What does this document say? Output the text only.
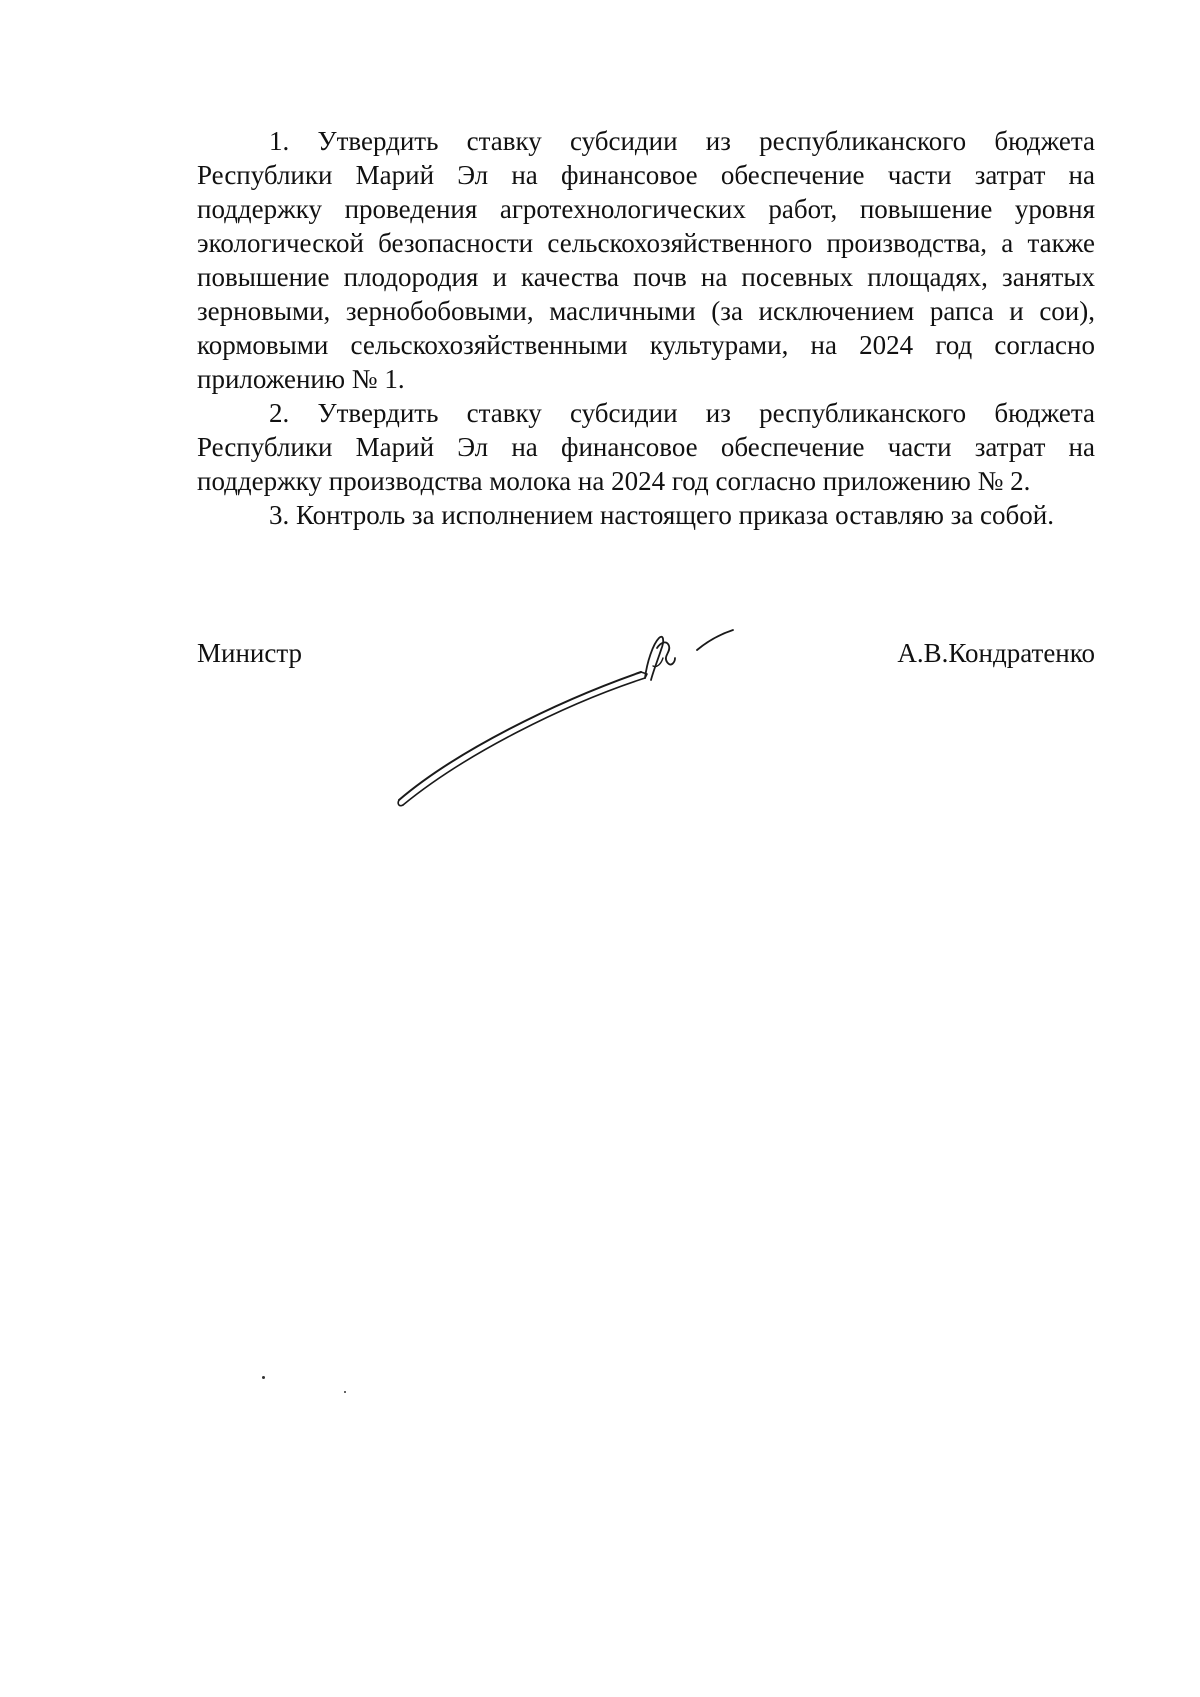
1. Утвердить ставку субсидии из республиканского бюджета Республики Марий Эл на финансовое обеспечение части затрат на поддержку проведения агротехнологических работ, повышение уровня экологической безопасности сельскохозяйственного производства, а также повышение плодородия и качества почв на посевных площадях, занятых зерновыми, зернобобовыми, масличными (за исключением рапса и сои), кормовыми сельскохозяйственными культурами, на 2024 год согласно приложению № 1.

2. Утвердить ставку субсидии из республиканского бюджета Республики Марий Эл на финансовое обеспечение части затрат на поддержку производства молока на 2024 год согласно приложению № 2.

3. Контроль за исполнением настоящего приказа оставляю за собой.

Министр	А.В.Кондратенко
